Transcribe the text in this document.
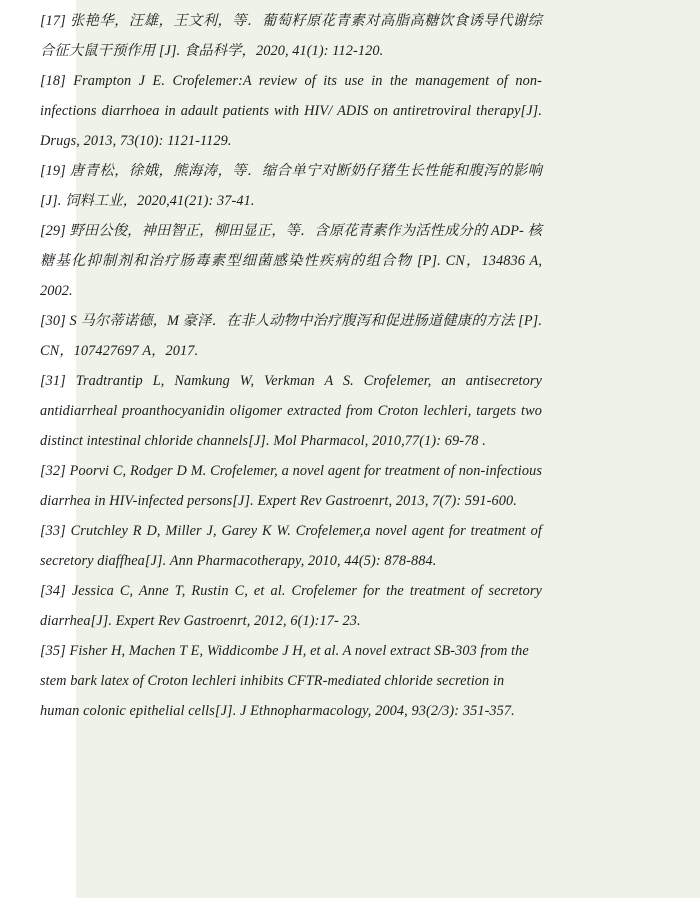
[17] 张艳华，汪雄，王文利，等．葡萄籽原花青素对高脂高糖饮食诱导代谢综合征大鼠干预作用 [J]. 食品科学，2020, 41(1): 112-120.

[18] Frampton J E. Crofelemer:A review of its use in the management of non-infections diarrhoea in adault patients with HIV/ ADIS on antiretroviral therapy[J]. Drugs, 2013, 73(10): 1121-1129.

[19] 唐青松，徐娥，熊海涛，等．缩合单宁对断奶仔猪生长性能和腹泻的影响 [J]. 饲料工业，2020,41(21): 37-41.

[29] 野田公俊，神田智正，柳田显正，等．含原花青素作为活性成分的 ADP- 核糖基化抑制剂和治疗肠毒素型细菌感染性疾病的组合物 [P]. CN，134836 A, 2002.

[30] S 马尔蒂诺德，M 豪泽．在非人动物中治疗腹泻和促进肠道健康的方法 [P]. CN，107427697 A，2017.

[31] Tradtrantip L, Namkung W, Verkman A S. Crofelemer, an antisecretory antidiarrheal proanthocyanidin oligomer extracted from Croton lechleri, targets two distinct intestinal chloride channels[J]. Mol Pharmacol, 2010,77(1): 69-78 .

[32] Poorvi C, Rodger D M. Crofelemer, a novel agent for treatment of non-infectious diarrhea in HIV-infected persons[J]. Expert Rev Gastroenrt, 2013, 7(7): 591-600.

[33] Crutchley R D, Miller J, Garey K W. Crofelemer,a novel agent for treatment of secretory diaffhea[J]. Ann Pharmacotherapy, 2010, 44(5): 878-884.

[34] Jessica C, Anne T, Rustin C, et al. Crofelemer for the treatment of secretory diarrhea[J]. Expert Rev Gastroenrt, 2012, 6(1):17- 23.

[35] Fisher H, Machen T E, Widdicombe J H, et al. A novel extract SB-303 from the stem bark latex of Croton lechleri inhibits CFTR-mediated chloride secretion in human colonic epithelial cells[J]. J Ethnopharmacology, 2004, 93(2/3): 351-357.
